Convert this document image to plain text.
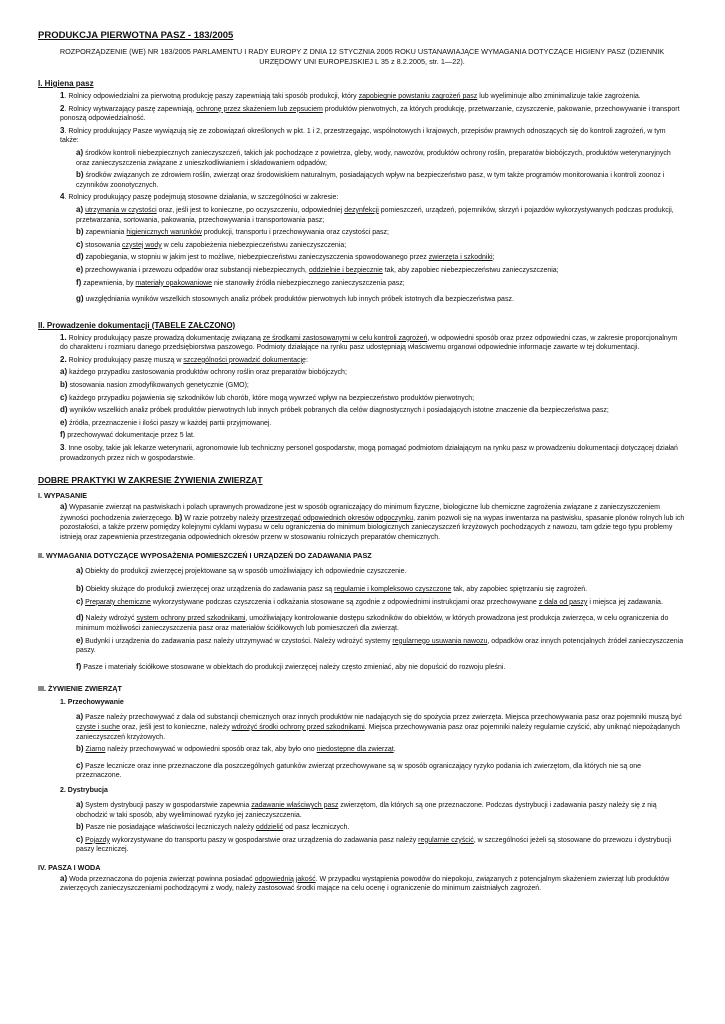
PRODUKCJA PIERWOTNA PASZ - 183/2005
ROZPORZĄDZENIE (WE) NR 183/2005 PARLAMENTU I RADY EUROPY Z DNIA 12 STYCZNIA 2005 ROKU USTANAWIAJĄCE WYMAGANIA DOTYCZĄCE HIGIENY PASZ (DZIENNIK URZĘDOWY UNI EUROPEJSKIEJ L 35 z 8.2.2005, str. 1—22).
I. Higiena pasz
1. Rolnicy odpowiedzialni za pierwotną produkcję paszy zapewniają taki sposób produkcji, który zapobiegnie powstaniu zagrożeń pasz lub wyeliminuje albo zminimalizuje takie zagrożenia.
2. Rolnicy wytwarzający paszę zapewniają, ochronę przez skażeniem lub zepsuciem produktów pierwotnych, za których produkcję, przetwarzanie, czyszczenie, pakowanie, przechowywanie i transport ponoszą odpowiedzialność.
3. Rolnicy produkujący Pasze wywiązują się ze zobowiązań określonych w pkt. 1 i 2, przestrzegając, wspólnotowych i krajowych, przepisów prawnych odnoszących się do kontroli zagrożeń, w tym także:
a) środków kontroli niebezpiecznych zanieczyszczeń, takich jak pochodzące z powietrza, gleby, wody, nawozów, produktów ochrony roślin, preparatów biobójczych, produktów weterynaryjnych oraz zanieczyszczenia związane z unieszkodliwianiem i składowaniem odpadów;
b) środków związanych ze zdrowiem roślin, zwierząt oraz środowiskiem naturalnym, posiadających wpływ na bezpieczeństwo pasz, w tym także programów monitorowania i kontroli zoonoz i czynników zoonotycznych.
4. Rolnicy produkujący paszę podejmują stosowne działania, w szczególności w zakresie:
a) utrzymania w czystości oraz, jeśli jest to konieczne, po oczyszczeniu, odpowiedniej dezynfekcji pomieszczeń, urządzeń, pojemników, skrzyń i pojazdów wykorzystywanych podczas produkcji, przetwarzania, sortowania, pakowania, przechowywania i transportowania pasz;
b) zapewniania higienicznych warunków produkcji, transportu i przechowywania oraz czystości pasz;
c) stosowania czystej wody w celu zapobieżenia niebezpieczeństwu zanieczyszczenia;
d) zapobiegania, w stopniu w jakim jest to możliwe, niebezpieczeństwu zanieczyszczenia spowodowanego przez zwierzęta i szkodniki;
e) przechowywania i przewozu odpadów oraz substancji niebezpiecznych, oddzielnie i bezpiecznie tak, aby zapobiec niebezpieczeństwu zanieczyszczenia;
f) zapewnienia, by materiały opakowaniowe nie stanowiły źródła niebezpiecznego zanieczyszczenia pasz;
g) uwzględniania wyników wszelkich stosownych analiz próbek produktów pierwotnych lub innych próbek istotnych dla bezpieczeństwa pasz.
II. Prowadzenie dokumentacji (TABELE ZAŁCZONO)
1. Rolnicy produkujący pasze prowadzą dokumentację związaną ze środkami zastosowanymi w celu kontroli zagrożeń, w odpowiedni sposób oraz przez odpowiedni czas, w zakresie proporcjonalnym do charakteru i rozmiaru danego przedsiębiorstwa paszowego. Podmioty działające na rynku pasz udostępniają właściwemu organowi odpowiednie informacje zawarte w tej dokumentacji.
2. Rolnicy produkujący paszę muszą w szczególności prowadzić dokumentację:
a) każdego przypadku zastosowania produktów ochrony roślin oraz preparatów biobójczych;
b) stosowania nasion zmodyfikowanych genetycznie (GMO);
c) każdego przypadku pojawienia się szkodników lub chorób, które mogą wywrzeć wpływ na bezpieczeństwo produktów pierwotnych;
d) wyników wszelkich analiz próbek produktów pierwotnych lub innych próbek pobranych dla celów diagnostycznych i posiadających istotne znaczenie dla bezpieczeństwa pasz;
e) źródła, przeznaczenie i ilości paszy w każdej partii przyjmowanej.
f) przechowywać dokumentacje przez 5 lat.
3. Inne osoby, takie jak lekarze weterynarii, agronomowie lub techniczny personel gospodarstw, mogą pomagać podmiotom działającym na rynku pasz w prowadzeniu dokumentacji dotyczącej działań prowadzonych przez nich w gospodarstwie.
DOBRE PRAKTYKI W ZAKRESIE ŻYWIENIA ZWIERZĄT
I. WYPASANIE
a) Wypasanie zwierząt na pastwiskach i polach uprawnych prowadzone jest w sposób ograniczający do minimum fizyczne, biologiczne lub chemiczne zagrożenia związane z zanieczyszczeniem żywności pochodzenia zwierzęcego. b) W razie potrzeby należy przestrzegać odpowiednich okresów odpoczynku, zanim pozwoli się na wypas inwentarza na pastwisku, spasanie plonów rolnych lub ich pozostałości, a także przerw pomiędzy kolejnymi cyklami wypasu w celu ograniczenia do minimum biologicznych zanieczyszczeń krzyżowych pochodzących z nawozu, tam gdzie tego typu problemy istnieją oraz zapewnienia przestrzegania odpowiednich okresów przerw w stosowaniu rolniczych preparatów chemicznych.
II. WYMAGANIA DOTYCZĄCE WYPOSAŻENIA POMIESZCZEŃ I URZĄDZEŃ DO ZADAWANIA PASZ
a) Obiekty do produkcji zwierzęcej projektowane są w sposób umożliwiający ich odpowiednie czyszczenie.
b) Obiekty służące do produkcji zwierzęcej oraz urządzenia do zadawania pasz są regularnie i kompleksowo czyszczone tak, aby zapobiec spiętrzaniu się zagrożeń.
c) Preparaty chemiczne wykorzystywane podczas czyszczenia i odkażania stosowane są zgodnie z odpowiednimi instrukcjami oraz przechowywane z dala od paszy i miejsca jej zadawania.
d) Należy wdrożyć system ochrony przed szkodnikami, umożliwiający kontrolowanie dostępu szkodników do obiektów, w których prowadzona jest produkcja zwierzęca, w celu ograniczenia do minimum możliwości zanieczyszczenia pasz oraz materiałów ściółkowych lub pomieszczeń dla zwierząt.
e) Budynki i urządzenia do zadawania pasz należy utrzymywać w czystości. Należy wdrożyć systemy regularnego usuwania nawozu, odpadków oraz innych potencjalnych źródeł zanieczyszczenia paszy.
f) Pasze i materiały ściółkowe stosowane w obiektach do produkcji zwierzęcej należy często zmieniać, aby nie dopuścić do rozwoju pleśni.
III. ŻYWIENIE ZWIERZĄT
1. Przechowywanie
a) Pasze należy przechowywać z dala od substancji chemicznych oraz innych produktów nie nadających się do spożycia przez zwierzęta. Miejsca przechowywania pasz oraz pojemniki muszą być czyste i suche oraz, jeśli jest to konieczne, należy wdrożyć środki ochrony przed szkodnikami. Miejsca przechowywania pasz oraz pojemniki należy regularnie czyścić, aby uniknąć niepożądanych zanieczyszczeń krzyżowych.
b) Ziarno należy przechowywać w odpowiedni sposób oraz tak, aby było ono niedostępne dla zwierząt.
c) Pasze lecznicze oraz inne przeznaczone dla poszczególnych gatunków zwierząt przechowywane są w sposób ograniczający ryzyko podania ich zwierzętom, dla których nie są one przeznaczone.
2. Dystrybucja
a) System dystrybucji paszy w gospodarstwie zapewnia zadawanie właściwych pasz zwierzętom, dla których są one przeznaczone. Podczas dystrybucji i zadawania paszy należy się z nią obchodzić w taki sposób, aby wyeliminować ryzyko jej zanieczyszczenia.
b) Pasze nie posiadające właściwości leczniczych należy oddzielić od pasz leczniczych.
c) Pojazdy wykorzystywane do transportu paszy w gospodarstwie oraz urządzenia do zadawania pasz należy regularnie czyścić, w szczególności jeżeli są stosowane do przewozu i dystrybucji paszy leczniczej.
IV. PASZA I WODA
a) Woda przeznaczona do pojenia zwierząt powinna posiadać odpowiednią jakość. W przypadku wystąpienia powodów do niepokoju, związanych z potencjalnym skażeniem zwierząt lub produktów zwierzęcych zanieczyszczeniami pochodzącymi z wody, należy zastosować środki mające na celu ocenę i ograniczenie do minimum zaistniałych zagrożeń.
